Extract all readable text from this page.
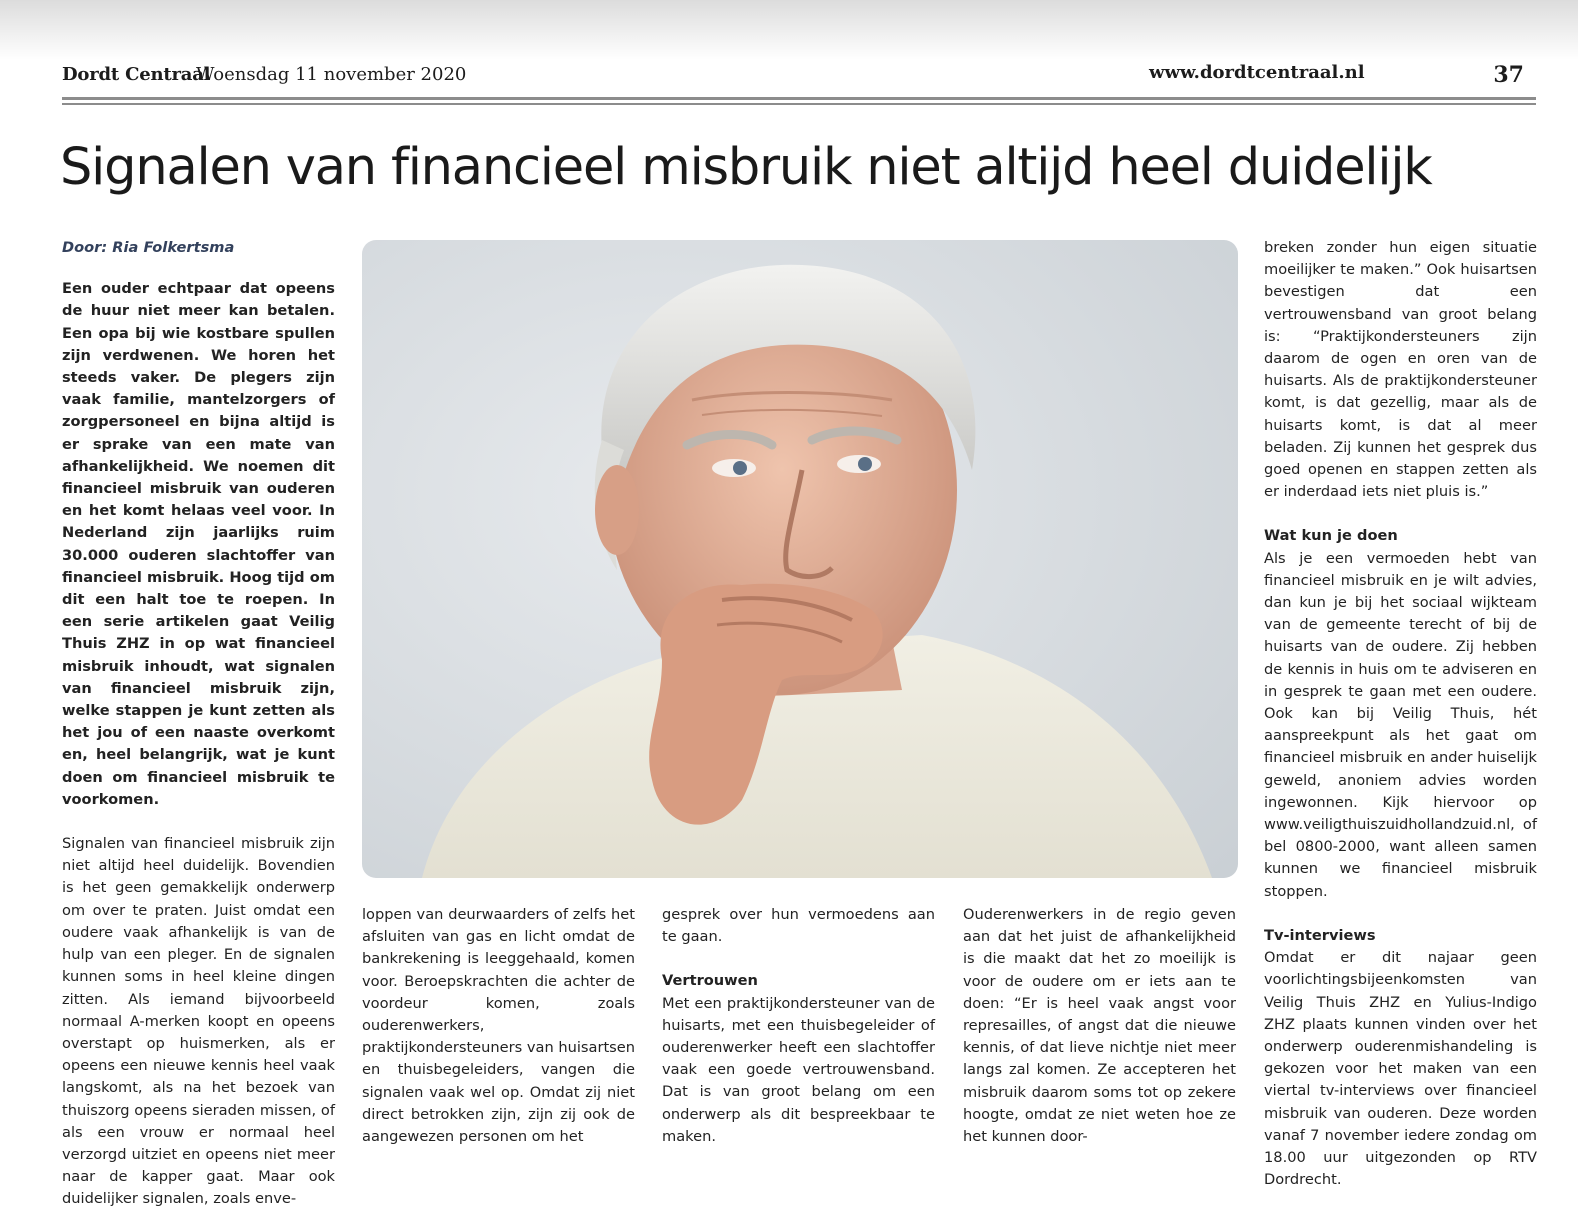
Dordt Centraal
Woensdag 11 november 2020	www.dordtcentraal.nl	37
Signalen van financieel misbruik niet altijd heel duidelijk

Door: Ria Folkertsma

Een ouder echtpaar dat opeens de huur niet meer kan betalen. Een opa bij wie kostbare spullen zijn verdwenen. We horen het steeds vaker. De plegers zijn vaak familie, mantelzorgers of zorgpersoneel en bijna altijd is er sprake van een mate van afhankelijkheid. We noemen dit financieel misbruik van ouderen en het komt helaas veel voor. In Nederland zijn jaarlijks ruim 30.000 ouderen slachtoffer van financieel misbruik. Hoog tijd om dit een halt toe te roepen. In een serie artikelen gaat Veilig Thuis ZHZ in op wat financieel misbruik inhoudt, wat signalen van financieel misbruik zijn, welke stappen je kunt zetten als het jou of een naaste overkomt en, heel belangrijk, wat je kunt doen om financieel misbruik te voorkomen.

Signalen van financieel misbruik zijn niet altijd heel duidelijk. Bovendien is het geen gemakkelijk onderwerp om over te praten. Juist omdat een oudere vaak afhankelijk is van de hulp van een pleger. En de signalen kunnen soms in heel kleine dingen zitten. Als iemand bijvoorbeeld normaal A-merken koopt en opeens overstapt op huismerken, als er opeens een nieuwe kennis heel vaak langskomt, als na het bezoek van thuiszorg opeens sieraden missen, of als een vrouw er normaal heel verzorgd uitziet en opeens niet meer naar de kapper gaat. Maar ook duidelijker signalen, zoals enve-

loppen van deurwaarders of zelfs het afsluiten van gas en licht omdat de bankrekening is leeggehaald, komen voor. Beroepskrachten die achter de voordeur komen, zoals ouderenwerkers, praktijkondersteuners van huisartsen en thuisbegeleiders, vangen die signalen vaak wel op. Omdat zij niet direct betrokken zijn, zijn zij ook de aangewezen personen om het

gesprek over hun vermoedens aan te gaan.

Vertrouwen

Met een praktijkondersteuner van de huisarts, met een thuisbegeleider of ouderenwerker heeft een slachtoffer vaak een goede vertrouwensband. Dat is van groot belang om een onderwerp als dit bespreekbaar te maken.

Ouderenwerkers in de regio geven aan dat het juist de afhankelijkheid is die maakt dat het zo moeilijk is voor de oudere om er iets aan te doen: “Er is heel vaak angst voor represailles, of angst dat die nieuwe kennis, of dat lieve nichtje niet meer langs zal komen. Ze accepteren het misbruik daarom soms tot op zekere hoogte, omdat ze niet weten hoe ze het kunnen door-

breken zonder hun eigen situatie moeilijker te maken.” Ook huisartsen bevestigen dat een vertrouwensband van groot belang is: “Praktijkondersteuners zijn daarom de ogen en oren van de huisarts. Als de praktijkondersteuner komt, is dat gezellig, maar als de huisarts komt, is dat al meer beladen. Zij kunnen het gesprek dus goed openen en stappen zetten als er inderdaad iets niet pluis is.”

Wat kun je doen

Als je een vermoeden hebt van financieel misbruik en je wilt advies, dan kun je bij het sociaal wijkteam van de gemeente terecht of bij de huisarts van de oudere. Zij hebben de kennis in huis om te adviseren en in gesprek te gaan met een oudere. Ook kan bij Veilig Thuis, hét aanspreekpunt als het gaat om financieel misbruik en ander huiselijk geweld, anoniem advies worden ingewonnen. Kijk hiervoor op www.veiligthuiszuidhollandzuid.nl, of bel 0800-2000, want alleen samen kunnen we financieel misbruik stoppen.

Tv-interviews

Omdat er dit najaar geen voorlichtingsbijeenkomsten van Veilig Thuis ZHZ en Yulius-Indigo ZHZ plaats kunnen vinden over het onderwerp ouderenmishandeling is gekozen voor het maken van een viertal tv-interviews over financieel misbruik van ouderen. Deze worden vanaf 7 november iedere zondag om 18.00 uur uitgezonden op RTV Dordrecht.
